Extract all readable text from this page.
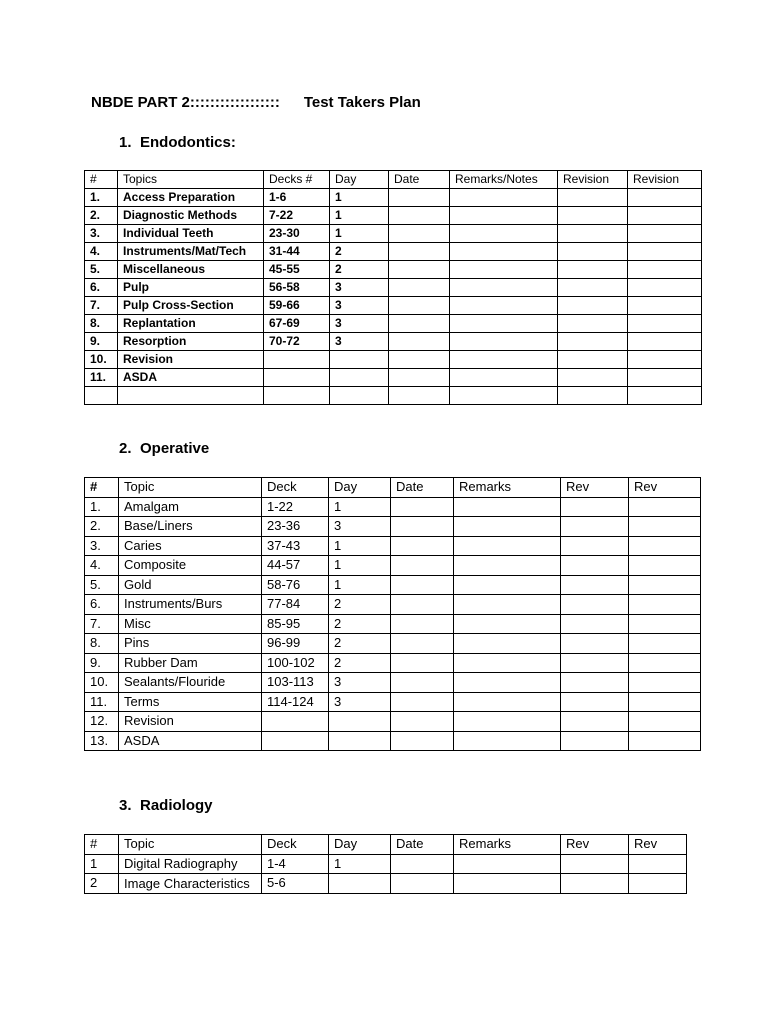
NBDE PART 2:::::::::::::::::: Test Takers Plan
1. Endodontics:
#	Topics	Decks #	Day	Date	Remarks/Notes	Revision	Revision
1.	Access Preparation	1-6	1				
2.	Diagnostic Methods	7-22	1				
3.	Individual Teeth	23-30	1				
4.	Instruments/Mat/Tech	31-44	2				
5.	Miscellaneous	45-55	2				
6.	Pulp	56-58	3				
7.	Pulp Cross-Section	59-66	3				
8.	Replantation	67-69	3				
9.	Resorption	70-72	3				
10.	Revision						
11.	ASDA						

2. Operative
#	Topic	Deck	Day	Date	Remarks	Rev	Rev
1.	Amalgam	1-22	1				
2.	Base/Liners	23-36	3				
3.	Caries	37-43	1				
4.	Composite	44-57	1				
5.	Gold	58-76	1				
6.	Instruments/Burs	77-84	2				
7.	Misc	85-95	2				
8.	Pins	96-99	2				
9.	Rubber Dam	100-102	2				
10.	Sealants/Flouride	103-113	3				
11.	Terms	114-124	3				
12.	Revision						
13.	ASDA						
3. Radiology
#	Topic	Deck	Day	Date	Remarks	Rev	Rev
1	Digital Radiography	1-4	1				
2	Image Characteristics	5-6					
